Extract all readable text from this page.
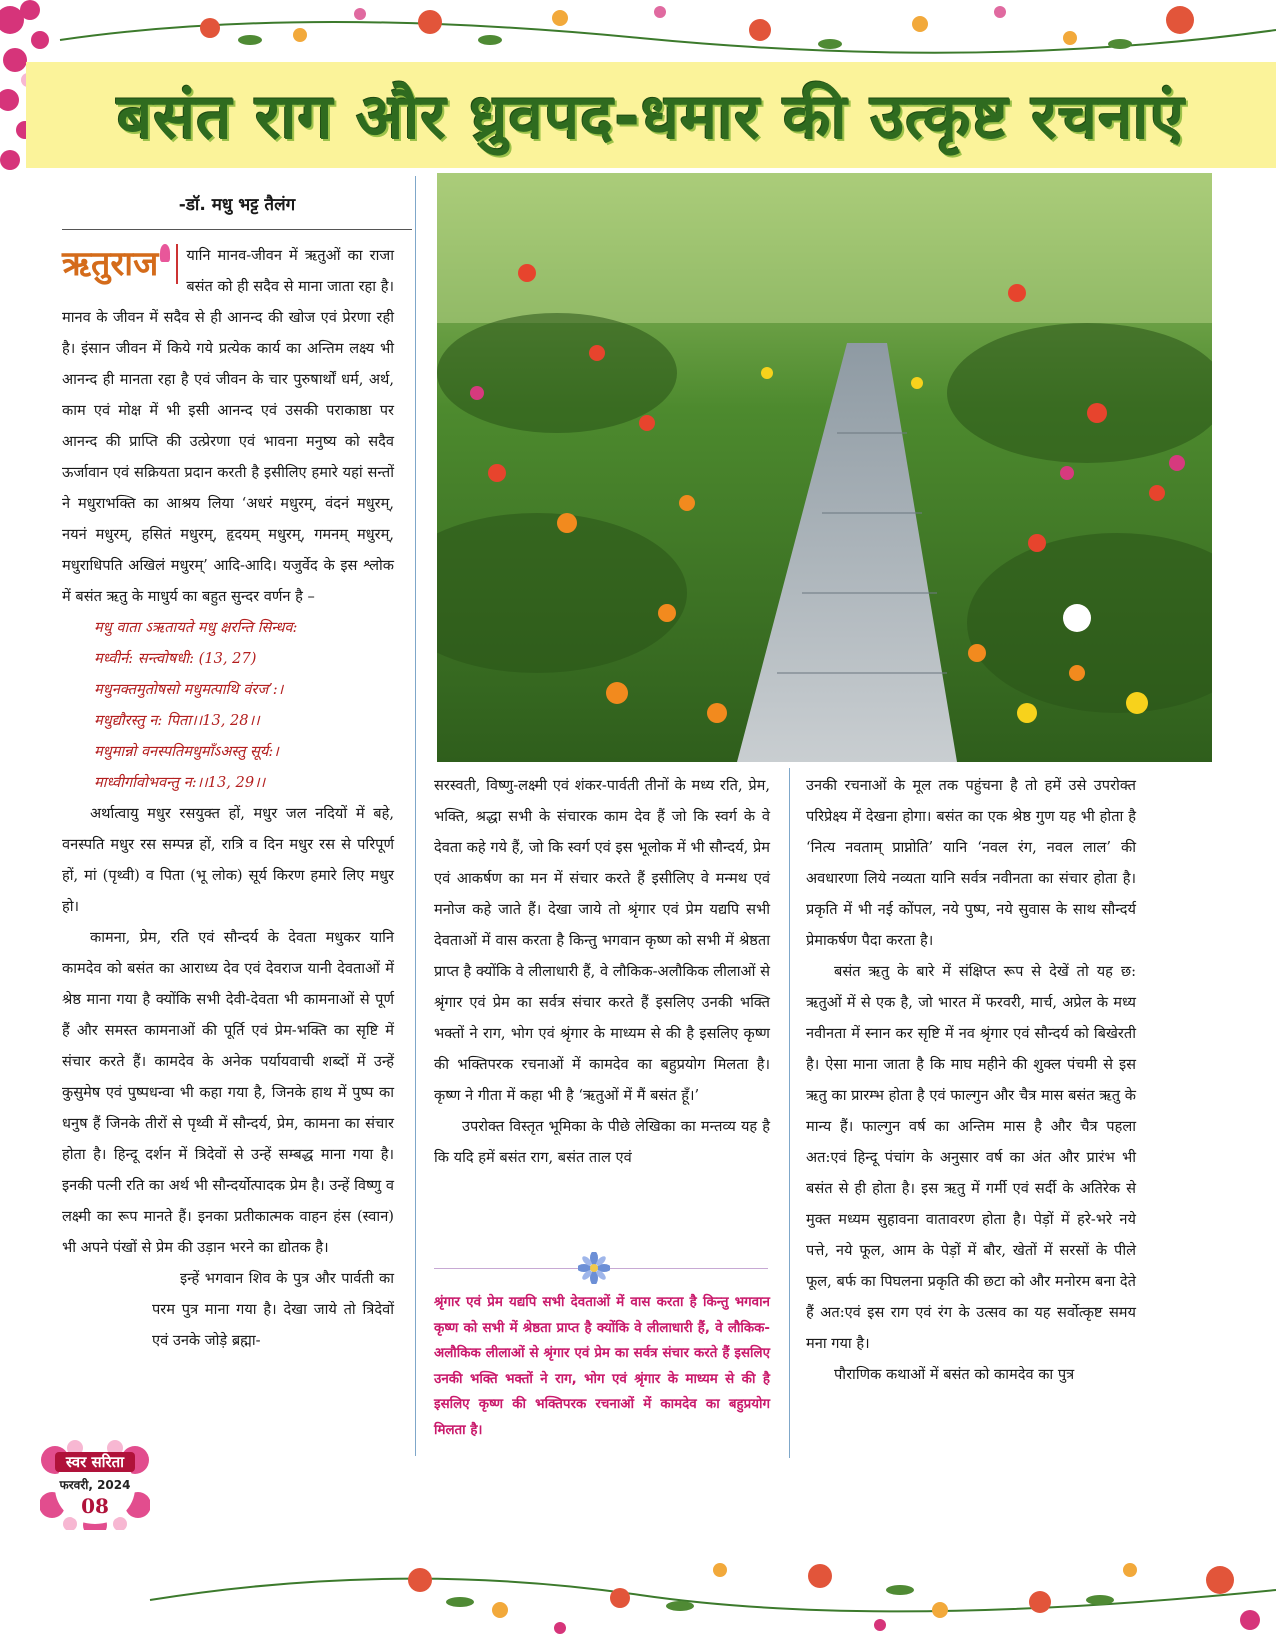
बसंत राग और ध्रुवपद-धमार की उत्कृष्ट रचनाएं
-डॉ. मधु भट्ट तैलंग

ऋतुराज	यानि मानव-जीवन में ऋतुओं का राजा बसंत को ही सदैव से माना जाता रहा है। मानव के जीवन में सदैव से ही आनन्द की खोज एवं प्रेरणा रही है। इंसान जीवन में किये गये प्रत्येक कार्य का अन्तिम लक्ष्य भी आनन्द ही मानता रहा है एवं जीवन के चार पुरुषार्थों धर्म, अर्थ, काम एवं मोक्ष में भी इसी आनन्द एवं उसकी पराकाष्ठा पर आनन्द की प्राप्ति की उत्प्रेरणा एवं भावना मनुष्य को सदैव ऊर्जावान एवं सक्रियता प्रदान करती है इसीलिए हमारे यहां सन्तों ने मधुराभक्ति का आश्रय लिया ‘अधरं मधुरम्, वंदनं मधुरम्, नयनं मधुरम्, हसितं मधुरम्, हृदयम् मधुरम्, गमनम् मधुरम्, मधुराधिपति अखिलं मधुरम्’ आदि-आदि। यजुर्वेद के इस श्लोक में बसंत ऋतु के माधुर्य का बहुत सुन्दर वर्णन है –

मधु वाता ऽऋतायते मधु क्षरन्ति सिन्धव:
मध्वीर्न: सन्त्वोषधी: (13, 27)
मधुनक्तमुतोषसो मधुमत्पाथि वंरज’:।
मधुद्यौरस्तु न: पिता।।13, 28।।
मधुमान्नो वनस्पतिमधुमाँऽअस्तु सूर्य:।
माध्वीर्गावोभवन्तु न:।।13, 29।।

अर्थात्वायु मधुर रसयुक्त हों, मधुर जल नदियों में बहे, वनस्पति मधुर रस सम्पन्न हों, रात्रि व दिन मधुर रस से परिपूर्ण हों, मां (पृथ्वी) व पिता (भू लोक) सूर्य किरण हमारे लिए मधुर हो।

कामना, प्रेम, रति एवं सौन्दर्य के देवता मधुकर यानि कामदेव को बसंत का आराध्य देव एवं देवराज यानी देवताओं में श्रेष्ठ माना गया है क्योंकि सभी देवी-देवता भी कामनाओं से पूर्ण हैं और समस्त कामनाओं की पूर्ति एवं प्रेम-भक्ति का सृष्टि में संचार करते हैं। कामदेव के अनेक पर्यायवाची शब्दों में उन्हें कुसुमेष एवं पुष्पधन्वा भी कहा गया है, जिनके हाथ में पुष्प का धनुष हैं जिनके तीरों से पृथ्वी में सौन्दर्य, प्रेम, कामना का संचार होता है। हिन्दू दर्शन में त्रिदेवों से उन्हें सम्बद्ध माना गया है। इनकी पत्नी रति का अर्थ भी सौन्दर्योत्पादक प्रेम है। उन्हें विष्णु व लक्ष्मी का रूप मानते हैं। इनका प्रतीकात्मक वाहन हंस (स्वान) भी अपने पंखों से प्रेम की उड़ान भरने का द्योतक है।

इन्हें भगवान शिव के पुत्र और पार्वती का परम पुत्र माना गया है। देखा जाये तो त्रिदेवों एवं उनके जोड़े ब्रह्मा-

सरस्वती, विष्णु-लक्ष्मी एवं शंकर-पार्वती तीनों के मध्य रति, प्रेम, भक्ति, श्रद्धा सभी के संचारक काम देव हैं जो कि स्वर्ग के वे देवता कहे गये हैं, जो कि स्वर्ग एवं इस भूलोक में भी सौन्दर्य, प्रेम एवं आकर्षण का मन में संचार करते हैं इसीलिए वे मन्मथ एवं मनोज कहे जाते हैं। देखा जाये तो श्रृंगार एवं प्रेम यद्यपि सभी देवताओं में वास करता है किन्तु भगवान कृष्ण को सभी में श्रेष्ठता प्राप्त है क्योंकि वे लीलाधारी हैं, वे लौकिक-अलौकिक लीलाओं से श्रृंगार एवं प्रेम का सर्वत्र संचार करते हैं इसलिए उनकी भक्ति भक्तों ने राग, भोग एवं श्रृंगार के माध्यम से की है इसलिए कृष्ण की भक्तिपरक रचनाओं में कामदेव का बहुप्रयोग मिलता है। कृष्ण ने गीता में कहा भी है ‘ऋतुओं में मैं बसंत हूँ।’

उपरोक्त विस्तृत भूमिका के पीछे लेखिका का मन्तव्य यह है कि यदि हमें बसंत राग, बसंत ताल एवं

श्रृंगार एवं प्रेम यद्यपि सभी देवताओं में वास करता है किन्तु भगवान कृष्ण को सभी में श्रेष्ठता प्राप्त है क्योंकि वे लीलाधारी हैं, वे लौकिक-अलौकिक लीलाओं से श्रृंगार एवं प्रेम का सर्वत्र संचार करते हैं इसलिए उनकी भक्ति भक्तों ने राग, भोग एवं श्रृंगार के माध्यम से की है इसलिए कृष्ण की भक्तिपरक रचनाओं में कामदेव का बहुप्रयोग मिलता है।

उनकी रचनाओं के मूल तक पहुंचना है तो हमें उसे उपरोक्त परिप्रेक्ष्य में देखना होगा। बसंत का एक श्रेष्ठ गुण यह भी होता है ‘नित्य नवताम् प्राप्नोति’ यानि ‘नवल रंग, नवल लाल’ की अवधारणा लिये नव्यता यानि सर्वत्र नवीनता का संचार होता है। प्रकृति में भी नई कोंपल, नये पुष्प, नये सुवास के साथ सौन्दर्य प्रेमाकर्षण पैदा करता है।

बसंत ऋतु के बारे में संक्षिप्त रूप से देखें तो यह छ: ऋतुओं में से एक है, जो भारत में फरवरी, मार्च, अप्रेल के मध्य नवीनता में स्नान कर सृष्टि में नव श्रृंगार एवं सौन्दर्य को बिखेरती है। ऐसा माना जाता है कि माघ महीने की शुक्ल पंचमी से इस ऋतु का प्रारम्भ होता है एवं फाल्गुन और चैत्र मास बसंत ऋतु के मान्य हैं। फाल्गुन वर्ष का अन्तिम मास है और चैत्र पहला अत:एवं हिन्दू पंचांग के अनुसार वर्ष का अंत और प्रारंभ भी बसंत से ही होता है। इस ऋतु में गर्मी एवं सर्दी के अतिरेक से मुक्त मध्यम सुहावना वातावरण होता है। पेड़ों में हरे-भरे नये पत्ते, नये फूल, आम के पेड़ों में बौर, खेतों में सरसों के पीले फूल, बर्फ का पिघलना प्रकृति की छटा को और मनोरम बना देते हैं अत:एवं इस राग एवं रंग के उत्सव का यह सर्वोत्कृष्ट समय मना गया है।

पौराणिक कथाओं में बसंत को कामदेव का पुत्र

स्वर सरिता
फरवरी, 2024
08
